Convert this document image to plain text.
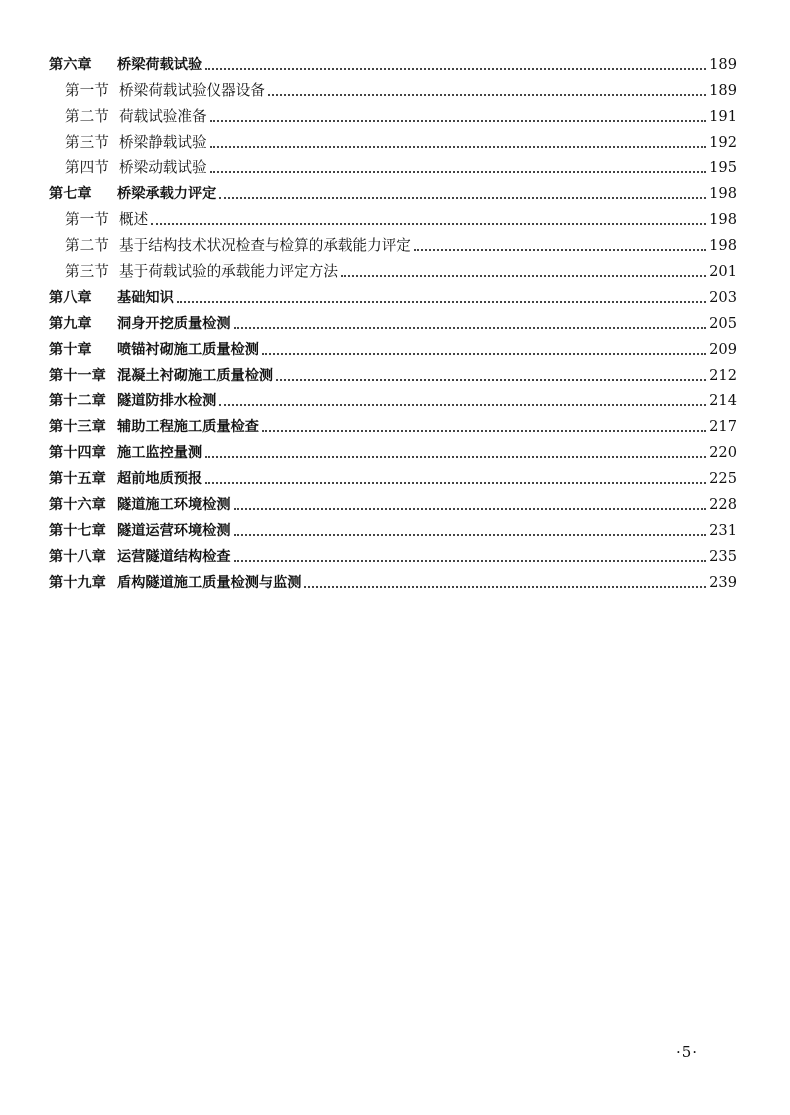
第六章	桥梁荷载试验	189
第一节 桥梁荷载试验仪器设备	189
第二节 荷载试验准备	191
第三节 桥梁静载试验	192
第四节 桥梁动载试验	195
第七章	桥梁承载力评定	198
第一节 概述	198
第二节 基于结构技术状况检查与检算的承载能力评定	198
第三节 基于荷载试验的承载能力评定方法	201
第八章	基础知识	203
第九章	洞身开挖质量检测	205
第十章	喷锚衬砌施工质量检测	209
第十一章 混凝土衬砌施工质量检测	212
第十二章 隧道防排水检测	214
第十三章 辅助工程施工质量检查	217
第十四章 施工监控量测	220
第十五章 超前地质预报	225
第十六章 隧道施工环境检测	228
第十七章 隧道运营环境检测	231
第十八章 运营隧道结构检查	235
第十九章 盾构隧道施工质量检测与监测	239
·5·
